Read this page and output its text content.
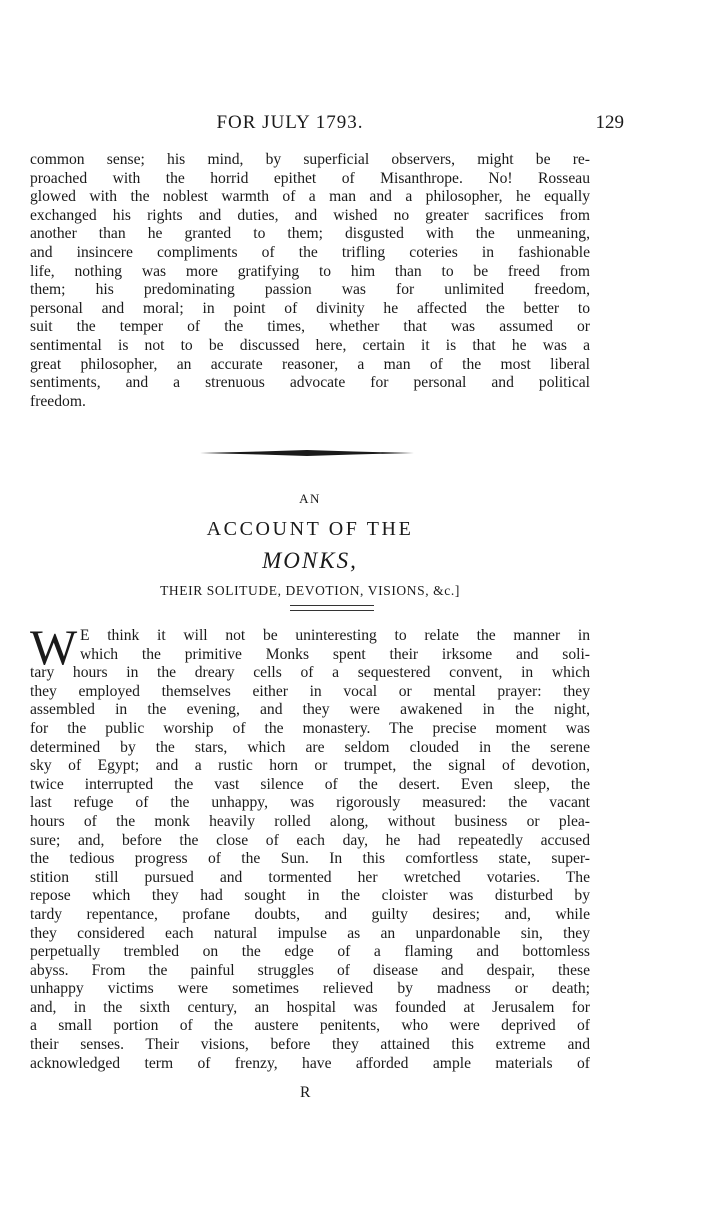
FOR JULY 1793.	129
common sense; his mind, by superficial observers, might be re-
proached with the horrid epithet of Misanthrope. No! Rosseau
glowed with the noblest warmth of a man and a philosopher, he equally
exchanged his rights and duties, and wished no greater sacrifices from
another than he granted to them; disgusted with the unmeaning,
and insincere compliments of the trifling coteries in fashionable
life, nothing was more gratifying to him than to be freed from
them; his predominating passion was for unlimited freedom,
personal and moral; in point of divinity he affected the better to
suit the temper of the times, whether that was assumed or
sentimental is not to be discussed here, certain it is that he was a
great philosopher, an accurate reasoner, a man of the most liberal
sentiments, and a strenuous advocate for personal and political
freedom.
AN
ACCOUNT OF THE
MONKS,
THEIR SOLITUDE, DEVOTION, VISIONS, &c.]
W E think it will not be uninteresting to relate the manner in
which the primitive Monks spent their irksome and soli-
tary hours in the dreary cells of a sequestered convent, in which
they employed themselves either in vocal or mental prayer: they
assembled in the evening, and they were awakened in the night,
for the public worship of the monastery. The precise moment was
determined by the stars, which are seldom clouded in the serene
sky of Egypt; and a rustic horn or trumpet, the signal of devotion,
twice interrupted the vast silence of the desert. Even sleep, the
last refuge of the unhappy, was rigorously measured: the vacant
hours of the monk heavily rolled along, without business or plea-
sure; and, before the close of each day, he had repeatedly accused
the tedious progress of the Sun. In this comfortless state, super-
stition still pursued and tormented her wretched votaries. The
repose which they had sought in the cloister was disturbed by
tardy repentance, profane doubts, and guilty desires; and, while
they considered each natural impulse as an unpardonable sin, they
perpetually trembled on the edge of a flaming and bottomless
abyss. From the painful struggles of disease and despair, these
unhappy victims were sometimes relieved by madness or death;
and, in the sixth century, an hospital was founded at Jerusalem for
a small portion of the austere penitents, who were deprived of
their senses. Their visions, before they attained this extreme and
acknowledged term of frenzy, have afforded ample materials of
R
